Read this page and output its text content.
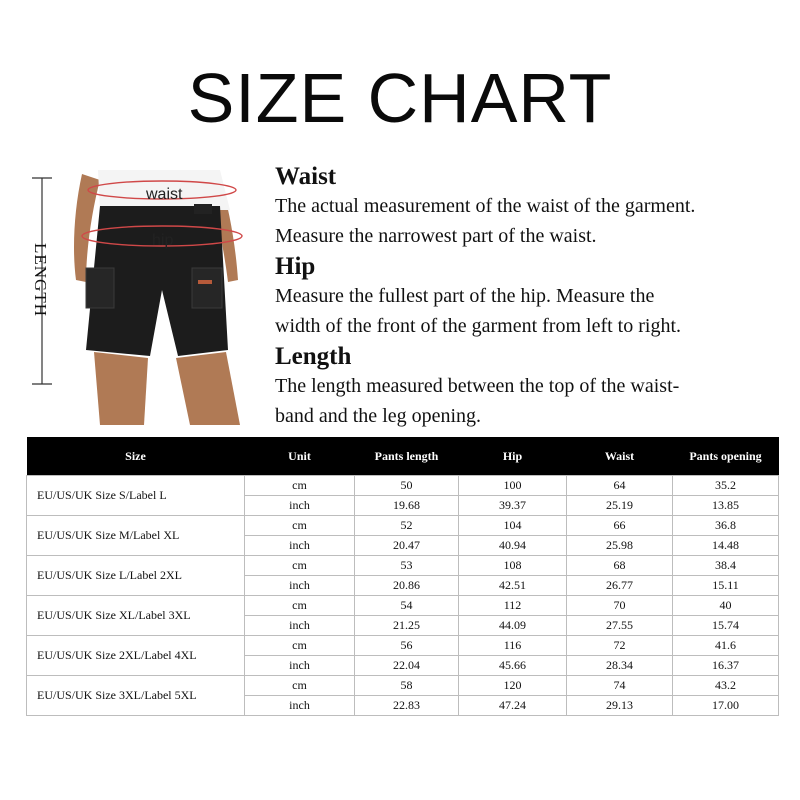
SIZE CHART
LENGTH
waist
hip
Waist

The actual measurement of the waist of the garment.

Measure the narrowest part of the waist.

Hip

Measure the fullest part of the hip. Measure the

width of the front of the garment from left to right.

Length

The length measured between the top of the waist-

band and the leg opening.

Size	Unit	Pants length	Hip	Waist	Pants opening
EU/US/UK Size S/Label L	cm	50	100	64	35.2
	inch	19.68	39.37	25.19	13.85
EU/US/UK Size M/Label XL	cm	52	104	66	36.8
	inch	20.47	40.94	25.98	14.48
EU/US/UK Size L/Label 2XL	cm	53	108	68	38.4
	inch	20.86	42.51	26.77	15.11
EU/US/UK Size XL/Label 3XL	cm	54	112	70	40
	inch	21.25	44.09	27.55	15.74
EU/US/UK Size 2XL/Label 4XL	cm	56	116	72	41.6
	inch	22.04	45.66	28.34	16.37
EU/US/UK Size 3XL/Label 5XL	cm	58	120	74	43.2
	inch	22.83	47.24	29.13	17.00
